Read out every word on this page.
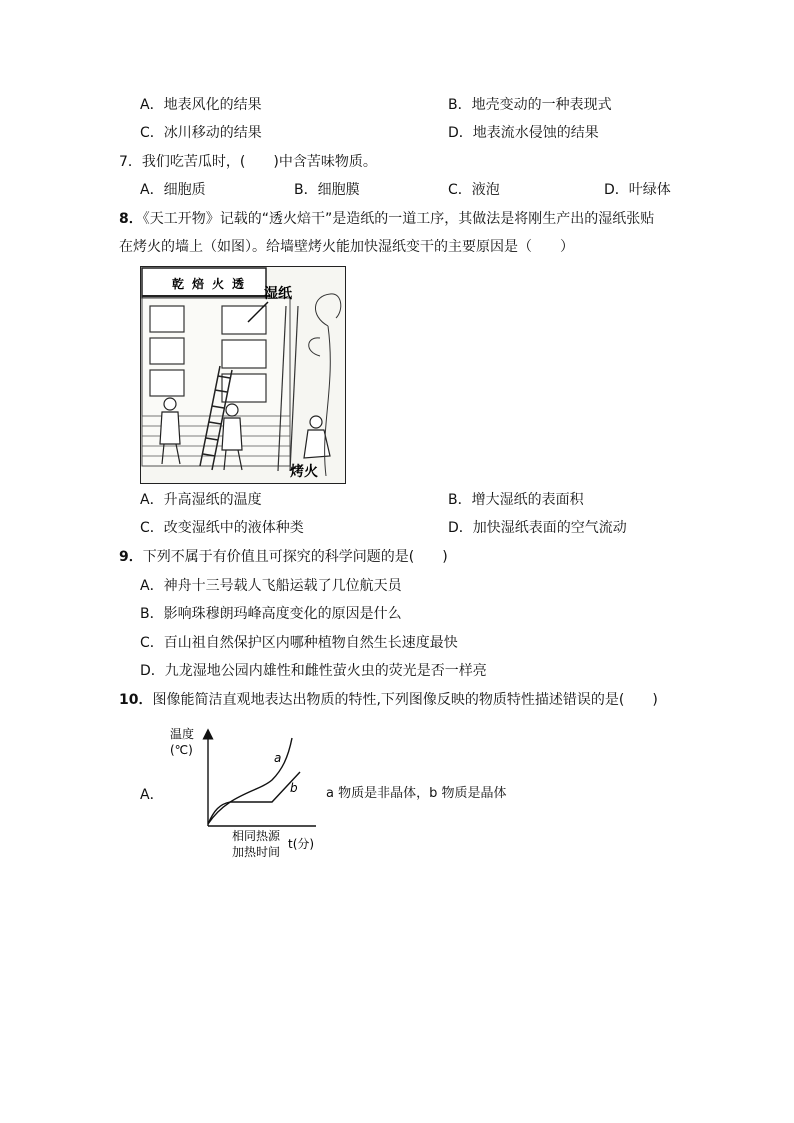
A．地表风化的结果	B．地壳变动的一种表现式
C．冰川移动的结果	D．地表流水侵蚀的结果
7．我们吃苦瓜时，(　　)中含苦味物质。
A．细胞质	B．细胞膜	C．液泡	D．叶绿体
8．《天工开物》记载的“透火焙干”是造纸的一道工序，其做法是将刚生产出的湿纸张贴
在烤火的墙上（如图）。给墙壁烤火能加快湿纸变干的主要原因是（　　）
乾 焙 火 透
湿纸
烤火
A．升高湿纸的温度	B．增大湿纸的表面积
C．改变湿纸中的液体种类	D．加快湿纸表面的空气流动
9．下列不属于有价值且可探究的科学问题的是(　　)
A．神舟十三号载人飞船运载了几位航天员
B．影响珠穆朗玛峰高度变化的原因是什么
C．百山祖自然保护区内哪种植物自然生长速度最快
D．九龙湿地公园内雄性和雌性萤火虫的荧光是否一样亮
10．图像能简洁直观地表达出物质的特性,下列图像反映的物质特性描述错误的是(　　)
A．
温度
(℃)
a
b
相同热源
加热时间
t(分)
a 物质是非晶体，b 物质是晶体
